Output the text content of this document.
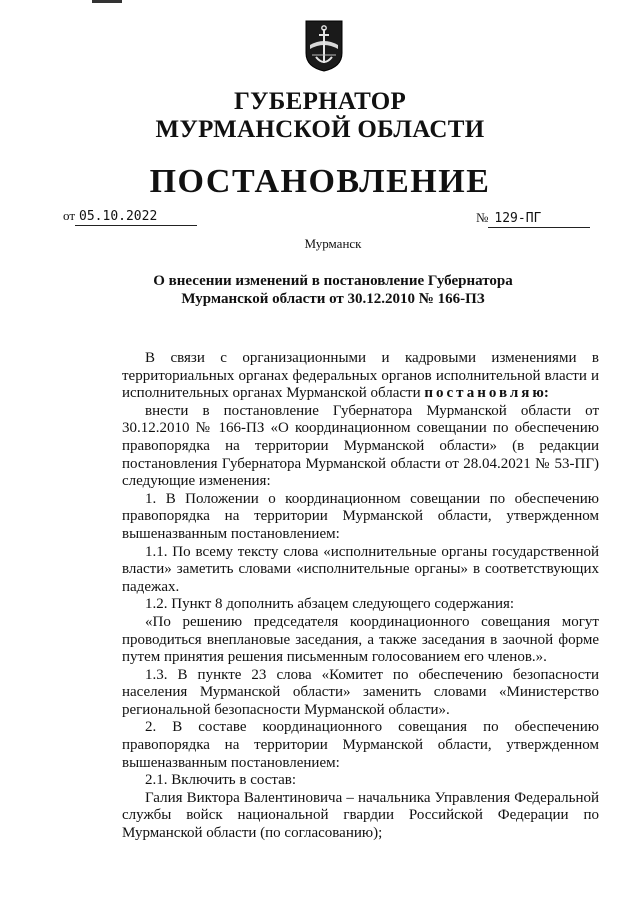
ГУБЕРНАТОР
МУРМАНСКОЙ ОБЛАСТИ
ПОСТАНОВЛЕНИЕ
от 05.10.2022	№ 129-ПГ
Мурманск
О внесении изменений в постановление Губернатора
Мурманской области от 30.12.2010 № 166-ПЗ

В связи с организационными и кадровыми изменениями в территориальных органах федеральных органов исполнительной власти и исполнительных органах Мурманской области постановляю:

внести в постановление Губернатора Мурманской области от 30.12.2010 № 166-ПЗ «О координационном совещании по обеспечению правопорядка на территории Мурманской области» (в редакции постановления Губернатора Мурманской области от 28.04.2021 № 53-ПГ) следующие изменения:

1. В Положении о координационном совещании по обеспечению правопорядка на территории Мурманской области, утвержденном вышеназванным постановлением:

1.1. По всему тексту слова «исполнительные органы государственной власти» заметить словами «исполнительные органы» в соответствующих падежах.

1.2. Пункт 8 дополнить абзацем следующего содержания:

«По решению председателя координационного совещания могут проводиться внеплановые заседания, а также заседания в заочной форме путем принятия решения письменным голосованием его членов.».

1.3. В пункте 23 слова «Комитет по обеспечению безопасности населения Мурманской области» заменить словами «Министерство региональной безопасности Мурманской области».

2. В составе координационного совещания по обеспечению правопорядка на территории Мурманской области, утвержденном вышеназванным постановлением:

2.1. Включить в состав:

Галия Виктора Валентиновича – начальника Управления Федеральной службы войск национальной гвардии Российской Федерации по Мурманской области (по согласованию);
